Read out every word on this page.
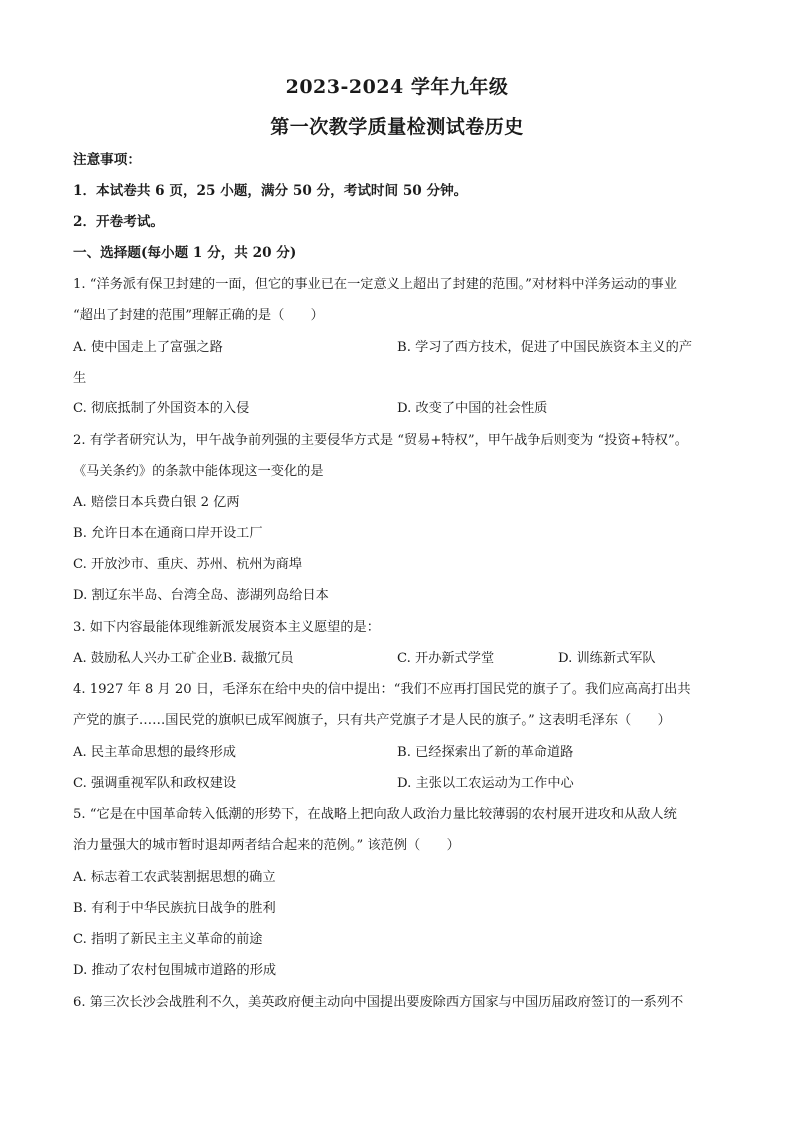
2023-2024 学年九年级
第一次教学质量检测试卷历史
注意事项：
1．本试卷共 6 页，25 小题，满分 50 分，考试时间 50 分钟。
2．开卷考试。
一、选择题(每小题 1 分，共 20 分)
1. “洋务派有保卫封建的一面，但它的事业已在一定意义上超出了封建的范围。”对材料中洋务运动的事业
“超出了封建的范围”理解正确的是（　　）
A. 使中国走上了富强之路	B. 学习了西方技术，促进了中国民族资本主义的产
生
C. 彻底抵制了外国资本的入侵	D. 改变了中国的社会性质
2. 有学者研究认为，甲午战争前列强的主要侵华方式是 “贸易+特权”，甲午战争后则变为 “投资+特权”。
《马关条约》的条款中能体现这一变化的是
A. 赔偿日本兵费白银 2 亿两
B. 允许日本在通商口岸开设工厂
C. 开放沙市、重庆、苏州、杭州为商埠
D. 割辽东半岛、台湾全岛、澎湖列岛给日本
3. 如下内容最能体现维新派发展资本主义愿望的是：
A. 鼓励私人兴办工矿企业B. 裁撤冗员	C. 开办新式学堂	D. 训练新式军队
4. 1927 年 8 月 20 日，毛泽东在给中央的信中提出：“我们不应再打国民党的旗子了。我们应高高打出共
产党的旗子……国民党的旗帜已成军阀旗子，只有共产党旗子才是人民的旗子。” 这表明毛泽东（　　）
A. 民主革命思想的最终形成	B. 已经探索出了新的革命道路
C. 强调重视军队和政权建设	D. 主张以工农运动为工作中心
5. “它是在中国革命转入低潮的形势下，在战略上把向敌人政治力量比较薄弱的农村展开进攻和从敌人统
治力量强大的城市暂时退却两者结合起来的范例。” 该范例（　　）
A. 标志着工农武装割据思想的确立
B. 有利于中华民族抗日战争的胜利
C. 指明了新民主主义革命的前途
D. 推动了农村包围城市道路的形成
6. 第三次长沙会战胜利不久，美英政府便主动向中国提出要废除西方国家与中国历届政府签订的一系列不
